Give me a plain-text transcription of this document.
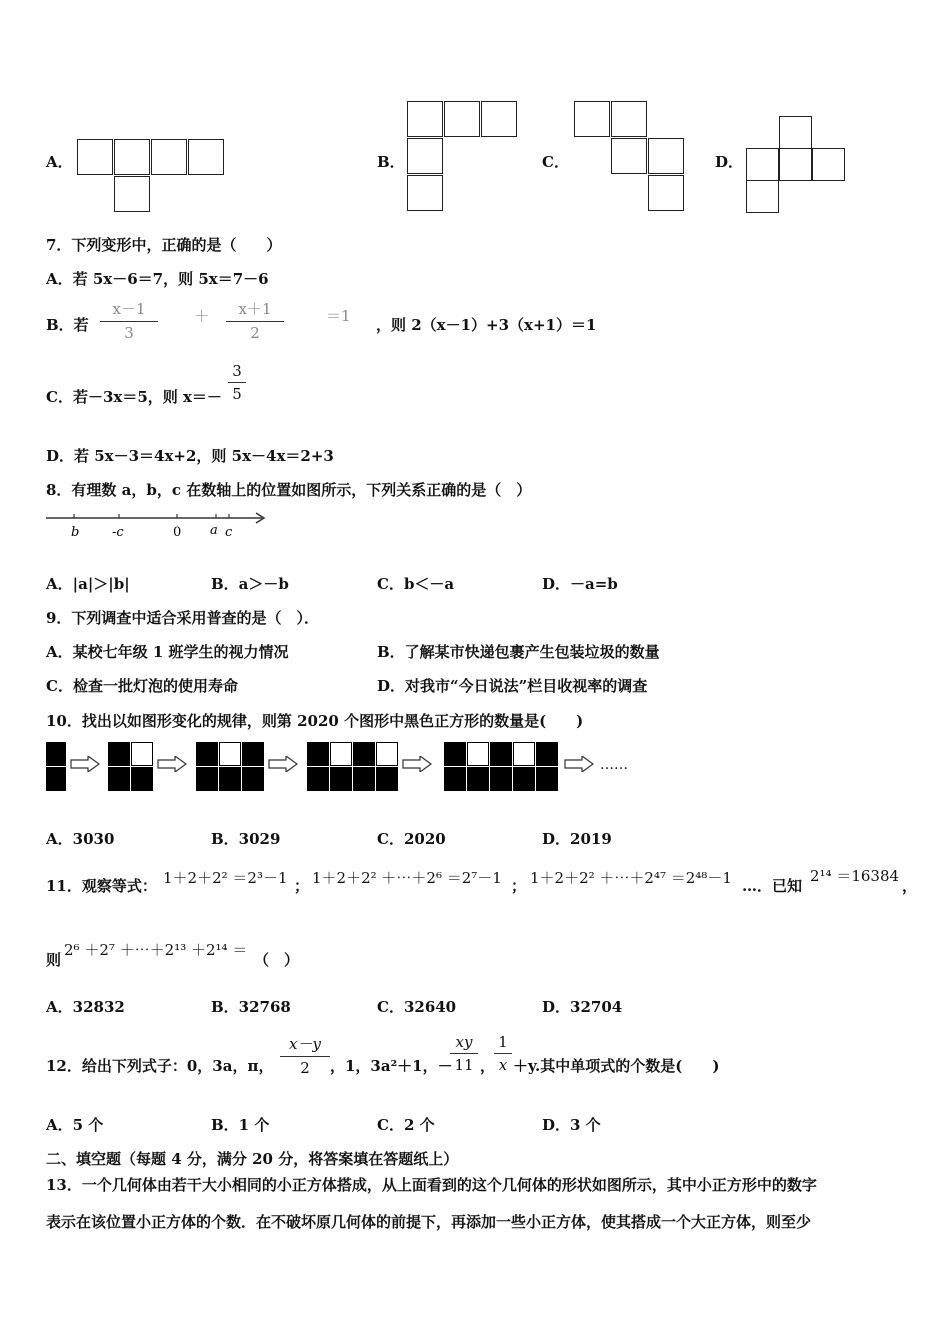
A．	B．	C．	D．
7．下列变形中，正确的是（　　）
A．若 5x－6＝7，则 5x＝7－6
B．若
x－1
3
＋	x＋1
2
＝1 ，则 2（x－1）+3（x+1）＝1
C．若－3x＝5，则 x＝－
3
5
D．若 5x－3＝4x+2，则 5x－4x＝2+3
8．有理数 a，b，c 在数轴上的位置如图所示，下列关系正确的是（　）
b	-c	0 a c
A．|a|＞|b|	B．a＞－b	C．b＜－a	D．－a=b
9．下列调查中适合采用普查的是（　）．
A．某校七年级 1 班学生的视力情况	B．了解某市快递包裹产生包装垃圾的数量
C．检查一批灯泡的使用寿命	D．对我市“今日说法”栏目收视率的调查
10．找出以如图形变化的规律，则第 2020 个图形中黑色正方形的数量是(　　)
……
A．3030	B．3029	C．2020	D．2019
11．观察等式： 1＋2＋2² ＝2³－1 ； 1＋2＋2² ＋⋯＋2⁶ ＝2⁷－1 ； 1＋2＋2² ＋⋯＋2⁴⁷ ＝2⁴⁸－1 …．已知
2¹⁴ ＝16384
，
则
2⁶ ＋2⁷ ＋⋯＋2¹³ ＋2¹⁴ ＝
（　）
A．32832	B．32768	C．32640	D．32704
12．给出下列式子：0，3a，π，
x－y
2	，1，3a²＋1，－
xy
11 ，
1
x ＋y.其中单项式的个数是(　　)
A．5 个	B．1 个	C．2 个	D．3 个
二、填空题（每题 4 分，满分 20 分，将答案填在答题纸上）
13．一个几何体由若干大小相同的小正方体搭成，从上面看到的这个几何体的形状如图所示，其中小正方形中的数字
表示在该位置小正方体的个数．在不破坏原几何体的前提下，再添加一些小正方体，使其搭成一个大正方体，则至少
